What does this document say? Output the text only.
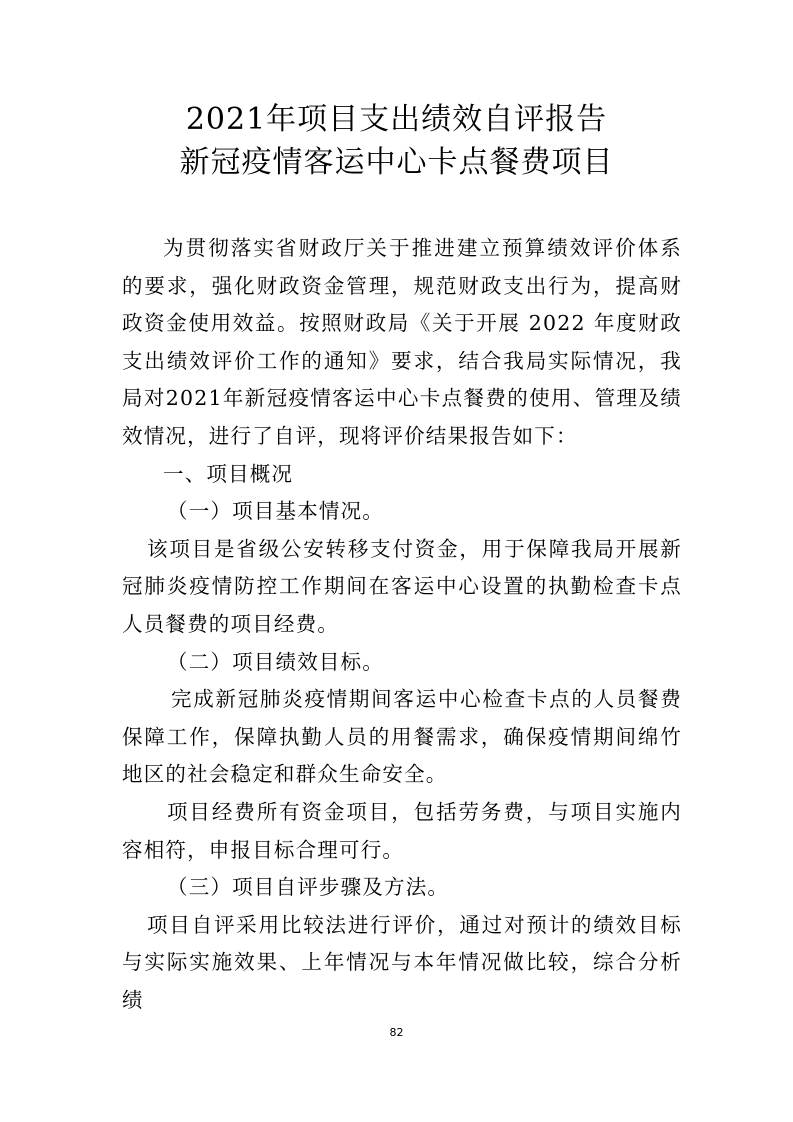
2021年项目支出绩效自评报告
新冠疫情客运中心卡点餐费项目

为贯彻落实省财政厅关于推进建立预算绩效评价体系的要求，强化财政资金管理，规范财政支出行为，提高财政资金使用效益。按照财政局《关于开展 2022 年度财政支出绩效评价工作的通知》要求，结合我局实际情况，我局对2021年新冠疫情客运中心卡点餐费的使用、管理及绩效情况，进行了自评，现将评价结果报告如下：

一、项目概况

（一）项目基本情况。

该项目是省级公安转移支付资金，用于保障我局开展新冠肺炎疫情防控工作期间在客运中心设置的执勤检查卡点人员餐费的项目经费。

（二）项目绩效目标。

完成新冠肺炎疫情期间客运中心检查卡点的人员餐费保障工作，保障执勤人员的用餐需求，确保疫情期间绵竹地区的社会稳定和群众生命安全。

项目经费所有资金项目，包括劳务费，与项目实施内容相符，申报目标合理可行。

（三）项目自评步骤及方法。

项目自评采用比较法进行评价，通过对预计的绩效目标与实际实施效果、上年情况与本年情况做比较，综合分析绩

82
